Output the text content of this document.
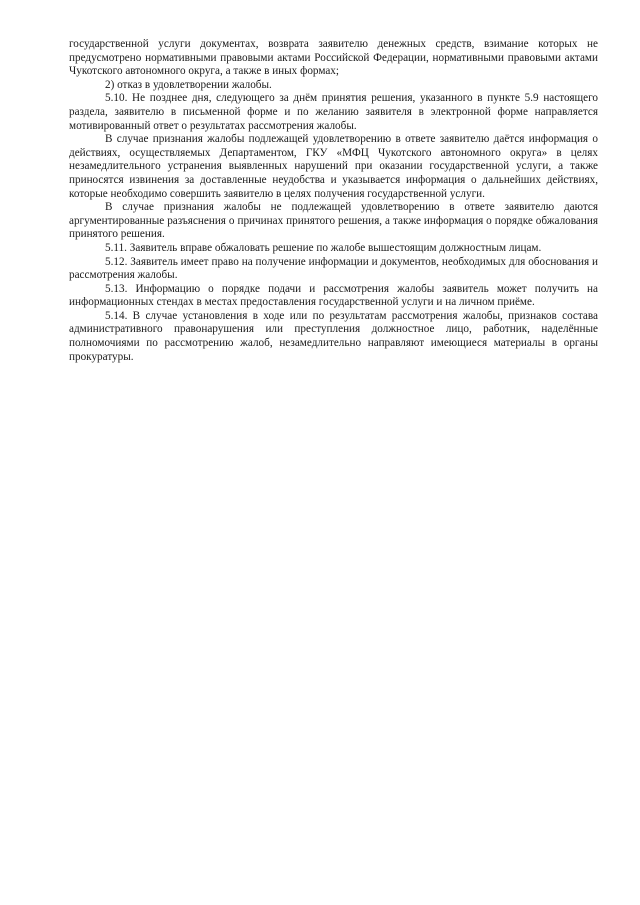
государственной услуги документах, возврата заявителю денежных средств, взимание которых не предусмотрено нормативными правовыми актами Российской Федерации, нормативными правовыми актами Чукотского автономного округа, а также в иных формах;

2) отказ в удовлетворении жалобы.

5.10. Не позднее дня, следующего за днём принятия решения, указанного в пункте 5.9 настоящего раздела, заявителю в письменной форме и по желанию заявителя в электронной форме направляется мотивированный ответ о результатах рассмотрения жалобы.

В случае признания жалобы подлежащей удовлетворению в ответе заявителю даётся информация о действиях, осуществляемых Департаментом, ГКУ «МФЦ Чукотского автономного округа» в целях незамедлительного устранения выявленных нарушений при оказании государственной услуги, а также приносятся извинения за доставленные неудобства и указывается информация о дальнейших действиях, которые необходимо совершить заявителю в целях получения государственной услуги.

В случае признания жалобы не подлежащей удовлетворению в ответе заявителю даются аргументированные разъяснения о причинах принятого решения, а также информация о порядке обжалования принятого решения.

5.11. Заявитель вправе обжаловать решение по жалобе вышестоящим должностным лицам.

5.12. Заявитель имеет право на получение информации и документов, необходимых для обоснования и рассмотрения жалобы.

5.13. Информацию о порядке подачи и рассмотрения жалобы заявитель может получить на информационных стендах в местах предоставления государственной услуги и на личном приёме.

5.14. В случае установления в ходе или по результатам рассмотрения жалобы, признаков состава административного правонарушения или преступления должностное лицо, работник, наделённые полномочиями по рассмотрению жалоб, незамедлительно направляют имеющиеся материалы в органы прокуратуры.
